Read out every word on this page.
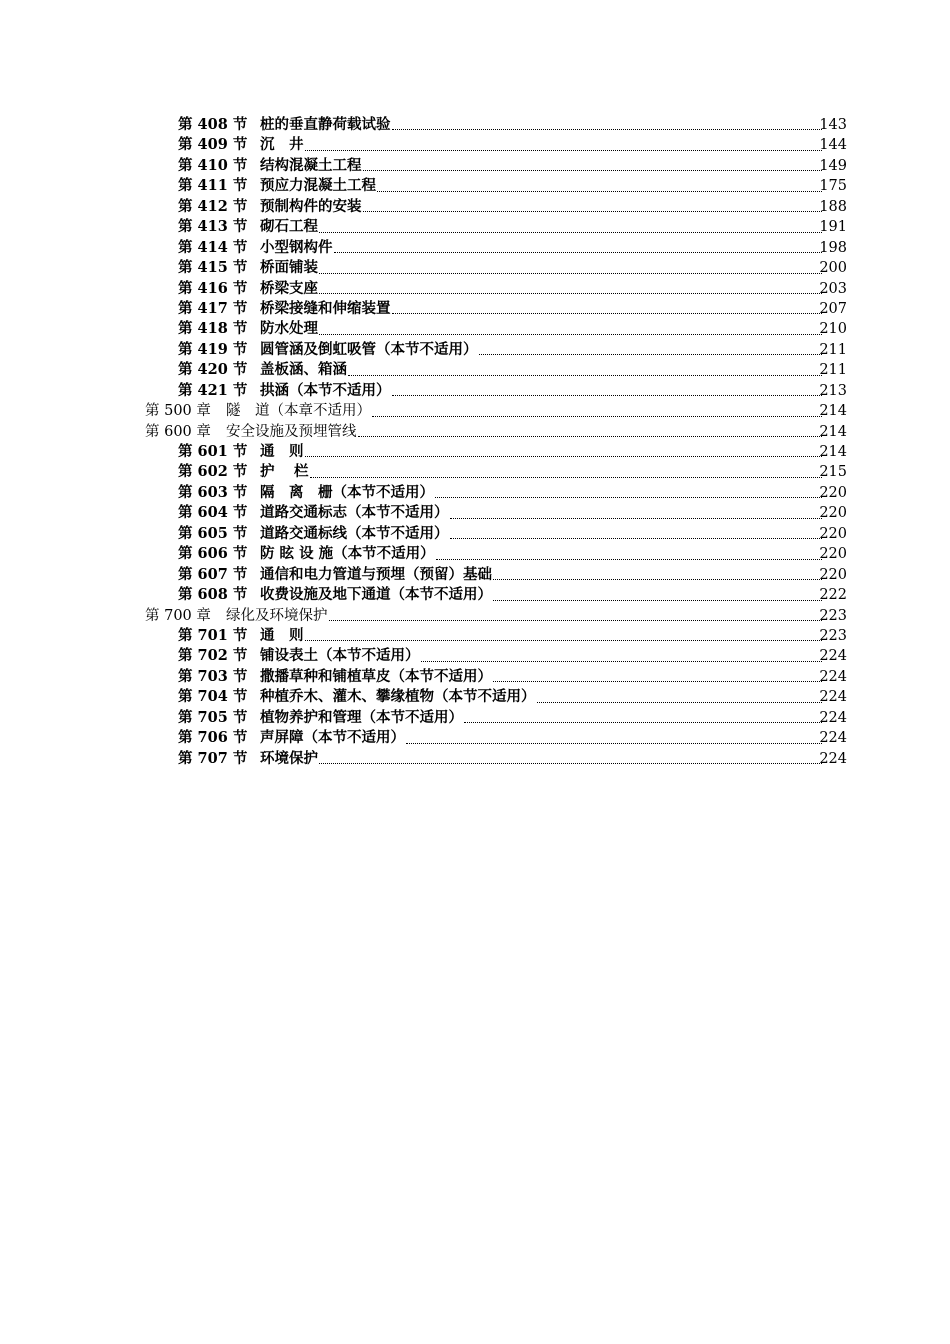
第 408 节 桩的垂直静荷载试验	143
第 409 节 沉　井	144
第 410 节 结构混凝土工程	149
第 411 节 预应力混凝土工程	175
第 412 节 预制构件的安装	188
第 413 节 砌石工程	191
第 414 节 小型钢构件	198
第 415 节 桥面铺装	200
第 416 节 桥梁支座	203
第 417 节 桥梁接缝和伸缩装置	207
第 418 节 防水处理	210
第 419 节 圆管涵及倒虹吸管（本节不适用）	211
第 420 节 盖板涵、箱涵	211
第 421 节 拱涵（本节不适用）	213
第 500 章 隧　道（本章不适用）	214
第 600 章 安全设施及预埋管线	214
第 601 节 通　则	214
第 602 节 护　 栏	215
第 603 节 隔　离　栅（本节不适用）	220
第 604 节 道路交通标志（本节不适用）	220
第 605 节 道路交通标线（本节不适用）	220
第 606 节 防 眩 设 施（本节不适用）	220
第 607 节 通信和电力管道与预埋（预留）基础	220
第 608 节 收费设施及地下通道（本节不适用）	222
第 700 章 绿化及环境保护	223
第 701 节 通　则	223
第 702 节 铺设表土（本节不适用）	224
第 703 节 撒播草种和铺植草皮（本节不适用）	224
第 704 节 种植乔木、灌木、攀缘植物（本节不适用）	224
第 705 节 植物养护和管理（本节不适用）	224
第 706 节 声屏障（本节不适用）	224
第 707 节 环境保护	224
